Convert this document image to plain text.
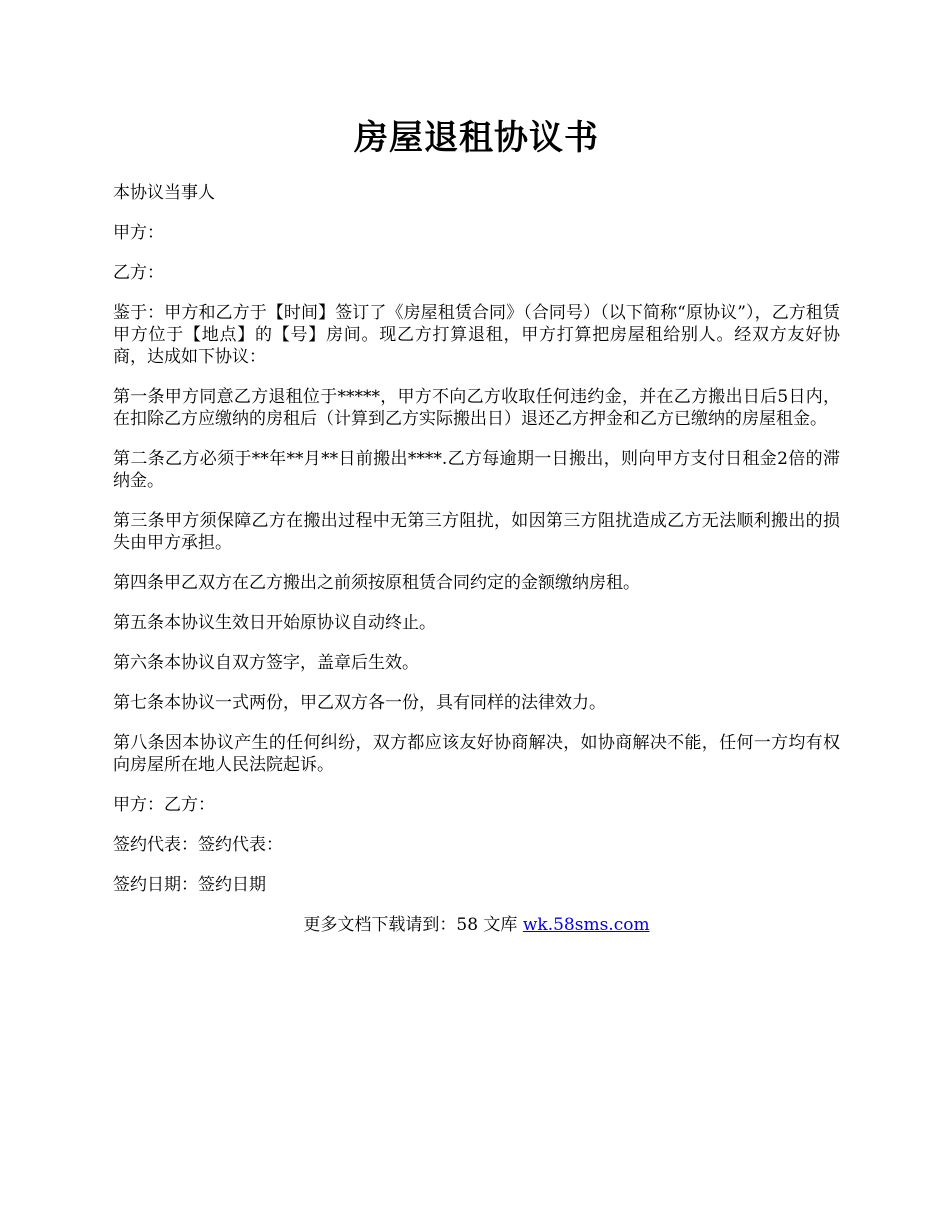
房屋退租协议书

本协议当事人

甲方：

乙方：

鉴于：甲方和乙方于【时间】签订了《房屋租赁合同》（合同号）（以下简称“原协议”），乙方租赁甲方位于【地点】的【号】房间。现乙方打算退租，甲方打算把房屋租给别人。经双方友好协商，达成如下协议：

第一条甲方同意乙方退租位于*****，甲方不向乙方收取任何违约金，并在乙方搬出日后5日内，在扣除乙方应缴纳的房租后（计算到乙方实际搬出日）退还乙方押金和乙方已缴纳的房屋租金。

第二条乙方必须于**年**月**日前搬出****.乙方每逾期一日搬出，则向甲方支付日租金2倍的滞纳金。

第三条甲方须保障乙方在搬出过程中无第三方阻扰，如因第三方阻扰造成乙方无法顺利搬出的损失由甲方承担。

第四条甲乙双方在乙方搬出之前须按原租赁合同约定的金额缴纳房租。

第五条本协议生效日开始原协议自动终止。

第六条本协议自双方签字，盖章后生效。

第七条本协议一式两份，甲乙双方各一份，具有同样的法律效力。

第八条因本协议产生的任何纠纷，双方都应该友好协商解决，如协商解决不能，任何一方均有权向房屋所在地人民法院起诉。

甲方：乙方：

签约代表：签约代表：

签约日期：签约日期

更多文档下载请到：58 文库 wk.58sms.com
